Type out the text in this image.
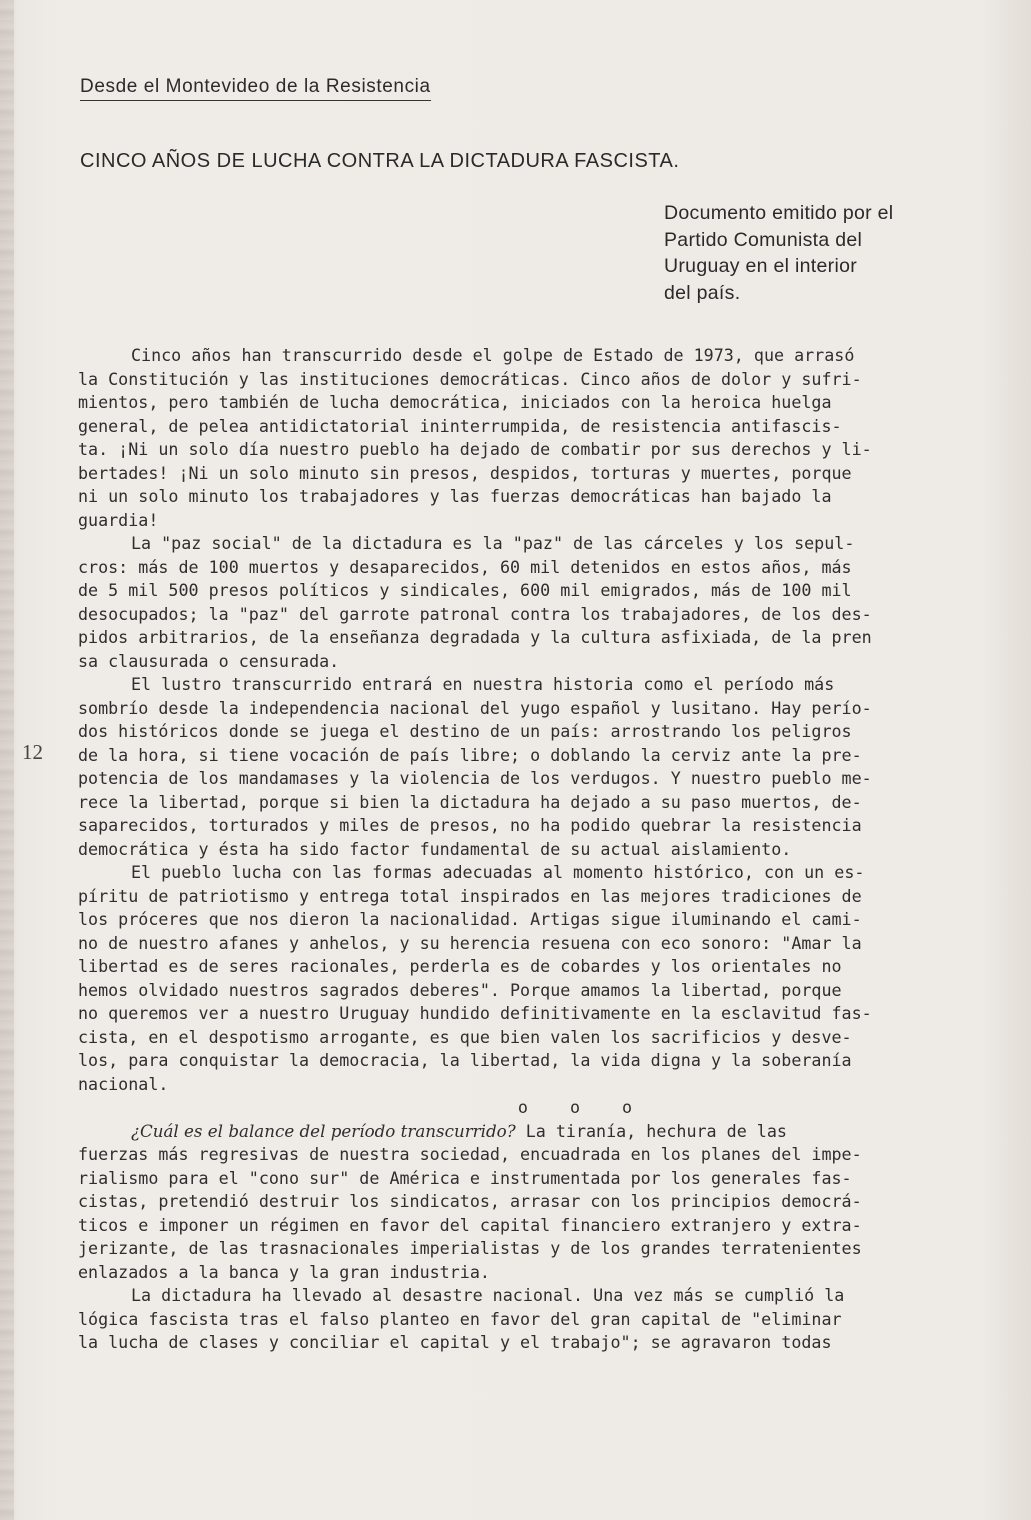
Desde el Montevideo de la Resistencia
CINCO AÑOS DE LUCHA CONTRA LA DICTADURA FASCISTA.
Documento emitido por el
Partido Comunista del
Uruguay en el interior
del país.
12
Cinco años han transcurrido desde el golpe de Estado de 1973, que arrasó
la Constitución y las instituciones democráticas. Cinco años de dolor y sufri-
mientos, pero también de lucha democrática, iniciados con la heroica huelga
general, de pelea antidictatorial ininterrumpida, de resistencia antifascis-
ta. ¡Ni un solo día nuestro pueblo ha dejado de combatir por sus derechos y li-
bertades! ¡Ni un solo minuto sin presos, despidos, torturas y muertes, porque
ni un solo minuto los trabajadores y las fuerzas democráticas han bajado la
guardia!
La "paz social" de la dictadura es la "paz" de las cárceles y los sepul-
cros: más de 100 muertos y desaparecidos, 60 mil detenidos en estos años, más
de 5 mil 500 presos políticos y sindicales, 600 mil emigrados, más de 100 mil
desocupados; la "paz" del garrote patronal contra los trabajadores, de los des-
pidos arbitrarios, de la enseñanza degradada y la cultura asfixiada, de la pren
sa clausurada o censurada.
El lustro transcurrido entrará en nuestra historia como el período más
sombrío desde la independencia nacional del yugo español y lusitano. Hay perío-
dos históricos donde se juega el destino de un país: arrostrando los peligros
de la hora, si tiene vocación de país libre; o doblando la cerviz ante la pre-
potencia de los mandamases y la violencia de los verdugos. Y nuestro pueblo me-
rece la libertad, porque si bien la dictadura ha dejado a su paso muertos, de-
saparecidos, torturados y miles de presos, no ha podido quebrar la resistencia
democrática y ésta ha sido factor fundamental de su actual aislamiento.
El pueblo lucha con las formas adecuadas al momento histórico, con un es-
píritu de patriotismo y entrega total inspirados en las mejores tradiciones de
los próceres que nos dieron la nacionalidad. Artigas sigue iluminando el cami-
no de nuestro afanes y anhelos, y su herencia resuena con eco sonoro: "Amar la
libertad es de seres racionales, perderla es de cobardes y los orientales no
hemos olvidado nuestros sagrados deberes". Porque amamos la libertad, porque
no queremos ver a nuestro Uruguay hundido definitivamente en la esclavitud fas-
cista, en el despotismo arrogante, es que bien valen los sacrificios y desve-
los, para conquistar la democracia, la libertad, la vida digna y la soberanía
nacional.
o o o
¿Cuál es el balance del período transcurrido? La tiranía, hechura de las
fuerzas más regresivas de nuestra sociedad, encuadrada en los planes del impe-
rialismo para el "cono sur" de América e instrumentada por los generales fas-
cistas, pretendió destruir los sindicatos, arrasar con los principios democrá-
ticos e imponer un régimen en favor del capital financiero extranjero y extra-
jerizante, de las trasnacionales imperialistas y de los grandes terratenientes
enlazados a la banca y la gran industria.
La dictadura ha llevado al desastre nacional. Una vez más se cumplió la
lógica fascista tras el falso planteo en favor del gran capital de "eliminar
la lucha de clases y conciliar el capital y el trabajo"; se agravaron todas
